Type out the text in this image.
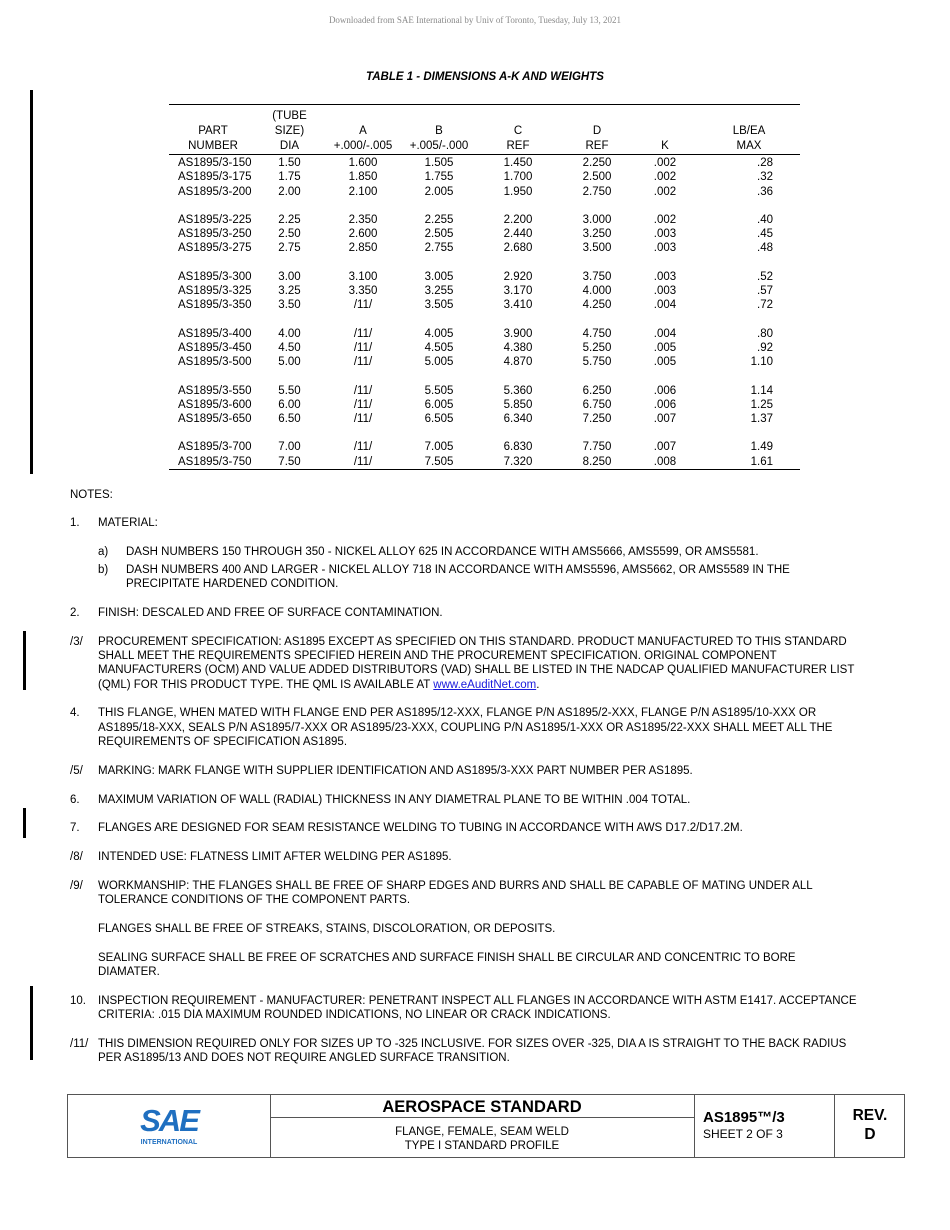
Downloaded from SAE International by Univ of Toronto, Tuesday, July 13, 2021
TABLE 1 - DIMENSIONS A-K AND WEIGHTS
	(TUBE						
PART	SIZE)	A	B	C	D		LB/EA
NUMBER	DIA	+.000/-.005	+.005/-.000	REF	REF	K	MAX
AS1895/3-150	1.50	1.600	1.505	1.450	2.250	.002	.28
AS1895/3-175	1.75	1.850	1.755	1.700	2.500	.002	.32
AS1895/3-200	2.00	2.100	2.005	1.950	2.750	.002	.36
AS1895/3-225	2.25	2.350	2.255	2.200	3.000	.002	.40
AS1895/3-250	2.50	2.600	2.505	2.440	3.250	.003	.45
AS1895/3-275	2.75	2.850	2.755	2.680	3.500	.003	.48
AS1895/3-300	3.00	3.100	3.005	2.920	3.750	.003	.52
AS1895/3-325	3.25	3.350	3.255	3.170	4.000	.003	.57
AS1895/3-350	3.50	/11/	3.505	3.410	4.250	.004	.72
AS1895/3-400	4.00	/11/	4.005	3.900	4.750	.004	.80
AS1895/3-450	4.50	/11/	4.505	4.380	5.250	.005	.92
AS1895/3-500	5.00	/11/	5.005	4.870	5.750	.005	1.10
AS1895/3-550	5.50	/11/	5.505	5.360	6.250	.006	1.14
AS1895/3-600	6.00	/11/	6.005	5.850	6.750	.006	1.25
AS1895/3-650	6.50	/11/	6.505	6.340	7.250	.007	1.37
AS1895/3-700	7.00	/11/	7.005	6.830	7.750	.007	1.49
AS1895/3-750	7.50	/11/	7.505	7.320	8.250	.008	1.61
NOTES:
1.	MATERIAL:
a)	DASH NUMBERS 150 THROUGH 350 - NICKEL ALLOY 625 IN ACCORDANCE WITH AMS5666, AMS5599, OR AMS5581.
b)	DASH NUMBERS 400 AND LARGER - NICKEL ALLOY 718 IN ACCORDANCE WITH AMS5596, AMS5662, OR AMS5589 IN THE PRECIPITATE HARDENED CONDITION.
2.	FINISH: DESCALED AND FREE OF SURFACE CONTAMINATION.
/3/	PROCUREMENT SPECIFICATION: AS1895 EXCEPT AS SPECIFIED ON THIS STANDARD. PRODUCT MANUFACTURED TO THIS STANDARD SHALL MEET THE REQUIREMENTS SPECIFIED HEREIN AND THE PROCUREMENT SPECIFICATION. ORIGINAL COMPONENT MANUFACTURERS (OCM) AND VALUE ADDED DISTRIBUTORS (VAD) SHALL BE LISTED IN THE NADCAP QUALIFIED MANUFACTURER LIST (QML) FOR THIS PRODUCT TYPE. THE QML IS AVAILABLE AT www.eAuditNet.com.
4.	THIS FLANGE, WHEN MATED WITH FLANGE END PER AS1895/12-XXX, FLANGE P/N AS1895/2-XXX, FLANGE P/N AS1895/10-XXX OR AS1895/18-XXX, SEALS P/N AS1895/7-XXX OR AS1895/23-XXX, COUPLING P/N AS1895/1-XXX OR AS1895/22-XXX SHALL MEET ALL THE REQUIREMENTS OF SPECIFICATION AS1895.
/5/	MARKING: MARK FLANGE WITH SUPPLIER IDENTIFICATION AND AS1895/3-XXX PART NUMBER PER AS1895.
6.	MAXIMUM VARIATION OF WALL (RADIAL) THICKNESS IN ANY DIAMETRAL PLANE TO BE WITHIN .004 TOTAL.
7.	FLANGES ARE DESIGNED FOR SEAM RESISTANCE WELDING TO TUBING IN ACCORDANCE WITH AWS D17.2/D17.2M.
/8/	INTENDED USE: FLATNESS LIMIT AFTER WELDING PER AS1895.
/9/	WORKMANSHIP: THE FLANGES SHALL BE FREE OF SHARP EDGES AND BURRS AND SHALL BE CAPABLE OF MATING UNDER ALL TOLERANCE CONDITIONS OF THE COMPONENT PARTS.

FLANGES SHALL BE FREE OF STREAKS, STAINS, DISCOLORATION, OR DEPOSITS.

SEALING SURFACE SHALL BE FREE OF SCRATCHES AND SURFACE FINISH SHALL BE CIRCULAR AND CONCENTRIC TO BORE DIAMATER.

10.	INSPECTION REQUIREMENT - MANUFACTURER: PENETRANT INSPECT ALL FLANGES IN ACCORDANCE WITH ASTM E1417. ACCEPTANCE CRITERIA: .015 DIA MAXIMUM ROUNDED INDICATIONS, NO LINEAR OR CRACK INDICATIONS.
/11/ THIS DIMENSION REQUIRED ONLY FOR SIZES UP TO -325 INCLUSIVE. FOR SIZES OVER -325, DIA A IS STRAIGHT TO THE BACK RADIUS PER AS1895/13 AND DOES NOT REQUIRE ANGLED SURFACE TRANSITION.
SAE
INTERNATIONAL
AEROSPACE STANDARD
FLANGE, FEMALE, SEAM WELD
TYPE I STANDARD PROFILE
AS1895™/3
SHEET 2 OF 3
REV.
D
